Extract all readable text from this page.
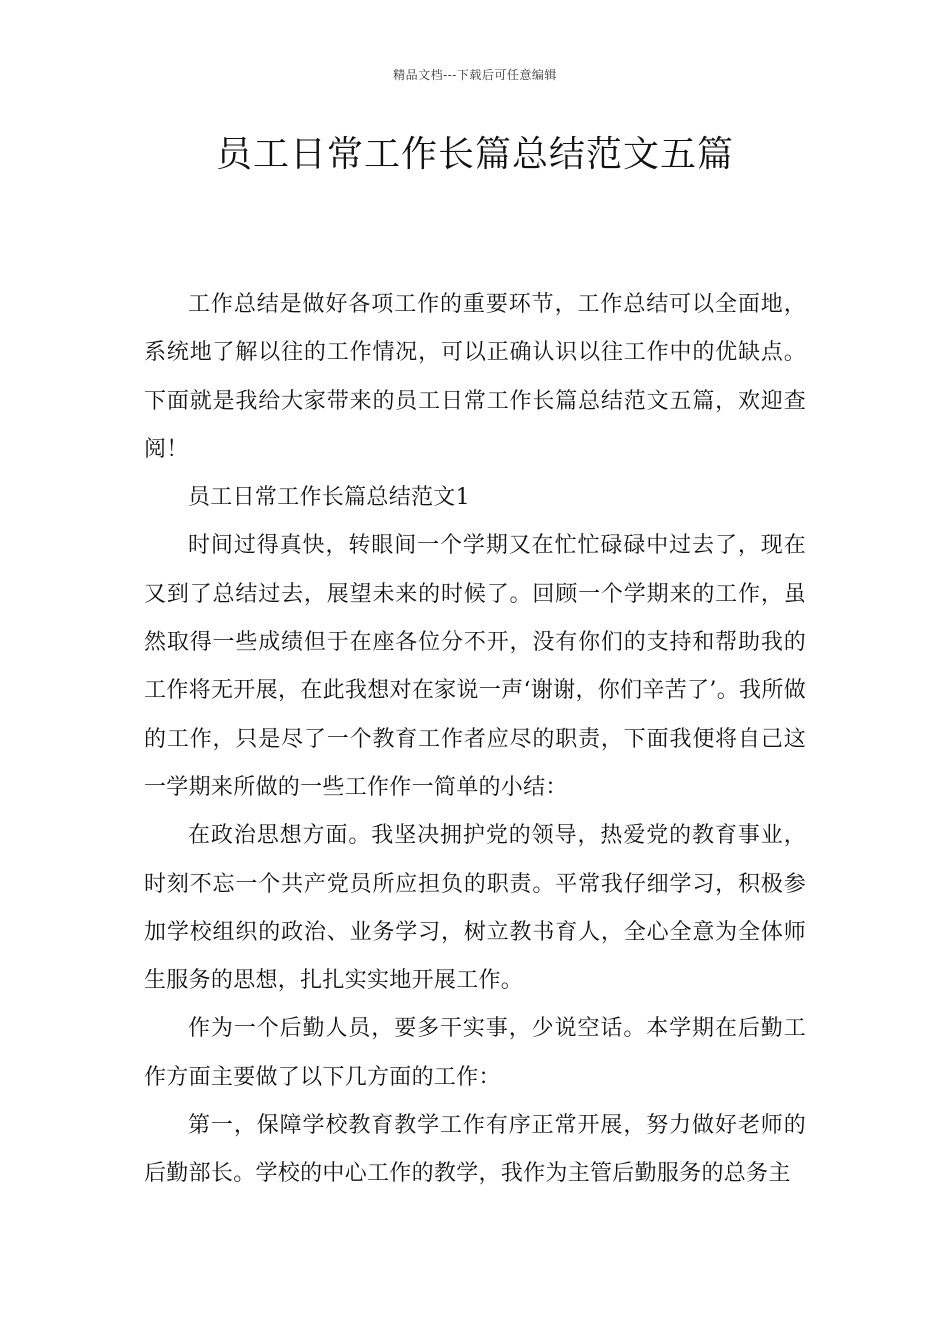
精品文档---下载后可任意编辑
员工日常工作长篇总结范文五篇

工作总结是做好各项工作的重要环节，工作总结可以全面地，系统地了解以往的工作情况，可以正确认识以往工作中的优缺点。下面就是我给大家带来的员工日常工作长篇总结范文五篇，欢迎查阅！

员工日常工作长篇总结范文1

时间过得真快，转眼间一个学期又在忙忙碌碌中过去了，现在又到了总结过去，展望未来的时候了。回顾一个学期来的工作，虽然取得一些成绩但于在座各位分不开，没有你们的支持和帮助我的工作将无开展，在此我想对在家说一声‘谢谢，你们辛苦了’。我所做的工作，只是尽了一个教育工作者应尽的职责，下面我便将自己这一学期来所做的一些工作作一简单的小结：

在政治思想方面。我坚决拥护党的领导，热爱党的教育事业，时刻不忘一个共产党员所应担负的职责。平常我仔细学习，积极参加学校组织的政治、业务学习，树立教书育人，全心全意为全体师生服务的思想，扎扎实实地开展工作。

作为一个后勤人员，要多干实事，少说空话。本学期在后勤工作方面主要做了以下几方面的工作：

第一，保障学校教育教学工作有序正常开展，努力做好老师的后勤部长。学校的中心工作的教学，我作为主管后勤服务的总务主
